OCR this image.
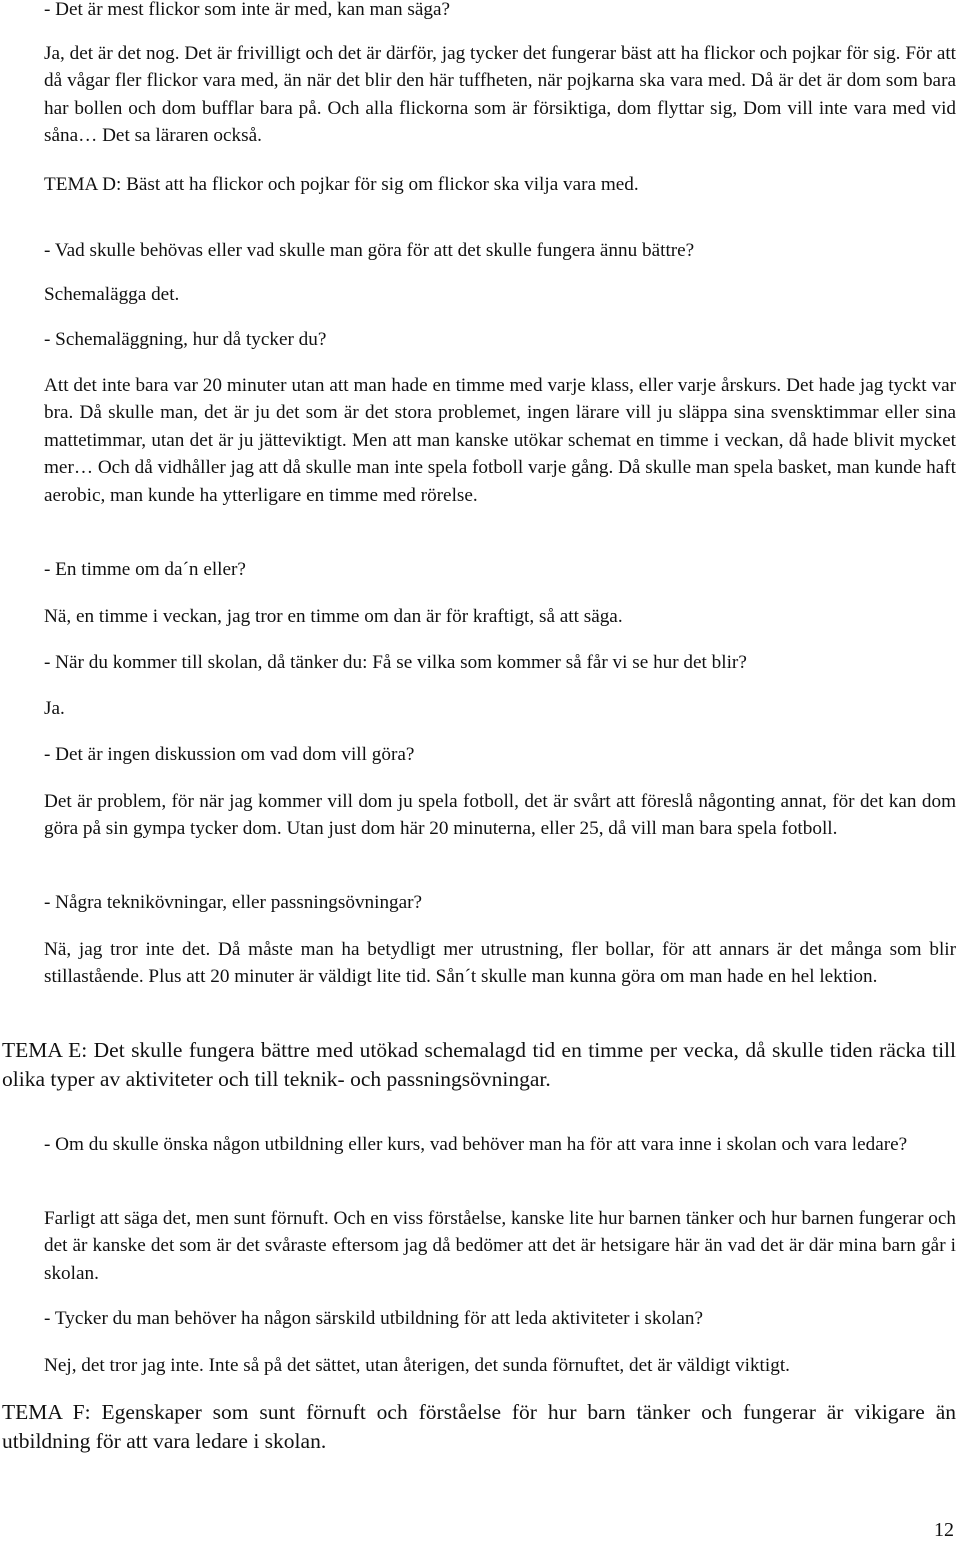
- Det är mest flickor som inte är med, kan man säga?

Ja, det är det nog. Det är frivilligt och det är därför, jag tycker det fungerar bäst att ha flickor och pojkar för sig. För att då vågar fler flickor vara med, än när det blir den här tuffheten, när pojkarna ska vara med. Då är det är dom som bara har bollen och dom bufflar bara på. Och alla flickorna som är försiktiga, dom flyttar sig, Dom vill inte vara med vid såna… Det sa läraren också.

TEMA D: Bäst att ha flickor och pojkar för sig om flickor ska vilja vara med.

- Vad skulle behövas eller vad skulle man göra för att det skulle fungera ännu bättre?

Schemalägga det.

- Schemaläggning, hur då tycker du?

Att det inte bara var 20 minuter utan att man hade en timme med varje klass, eller varje årskurs. Det hade jag tyckt var bra. Då skulle man, det är ju det som är det stora problemet, ingen lärare vill ju släppa sina svensktimmar eller sina mattetimmar, utan det är ju jätteviktigt. Men att man kanske utökar schemat en timme i veckan, då hade blivit mycket mer… Och då vidhåller jag att då skulle man inte spela fotboll varje gång. Då skulle man spela basket, man kunde haft aerobic, man kunde ha ytterligare en timme med rörelse.

- En timme om da´n eller?

Nä, en timme i veckan, jag tror en timme om dan är för kraftigt, så att säga.

- När du kommer till skolan, då tänker du: Få se vilka som kommer så får vi se hur det blir?

Ja.

- Det är ingen diskussion om vad dom vill göra?

Det är problem, för när jag kommer vill dom ju spela fotboll, det är svårt att föreslå någonting annat, för det kan dom göra på sin gympa tycker dom. Utan just dom här 20 minuterna, eller 25, då vill man bara spela fotboll.

- Några teknikövningar, eller passningsövningar?

Nä, jag tror inte det. Då måste man ha betydligt mer utrustning, fler bollar, för att annars är det många som blir stillastående. Plus att 20 minuter är väldigt lite tid. Sån´t skulle man kunna göra om man hade en hel lektion.

TEMA E: Det skulle fungera bättre med utökad schemalagd tid en timme per vecka, då skulle tiden räcka till olika typer av aktiviteter och till teknik- och passningsövningar.

- Om du skulle önska någon utbildning eller kurs, vad behöver man ha för att vara inne i skolan och vara ledare?

Farligt att säga det, men sunt förnuft. Och en viss förståelse, kanske lite hur barnen tänker och hur barnen fungerar och det är kanske det som är det svåraste eftersom jag då bedömer att det är hetsigare här än vad det är där mina barn går i skolan.

- Tycker du man behöver ha någon särskild utbildning för att leda aktiviteter i skolan?

Nej, det tror jag inte. Inte så på det sättet, utan återigen, det sunda förnuftet, det är väldigt viktigt.

TEMA F: Egenskaper som sunt förnuft och förståelse för hur barn tänker och fungerar är vikigare än utbildning för att vara ledare i skolan.

12
